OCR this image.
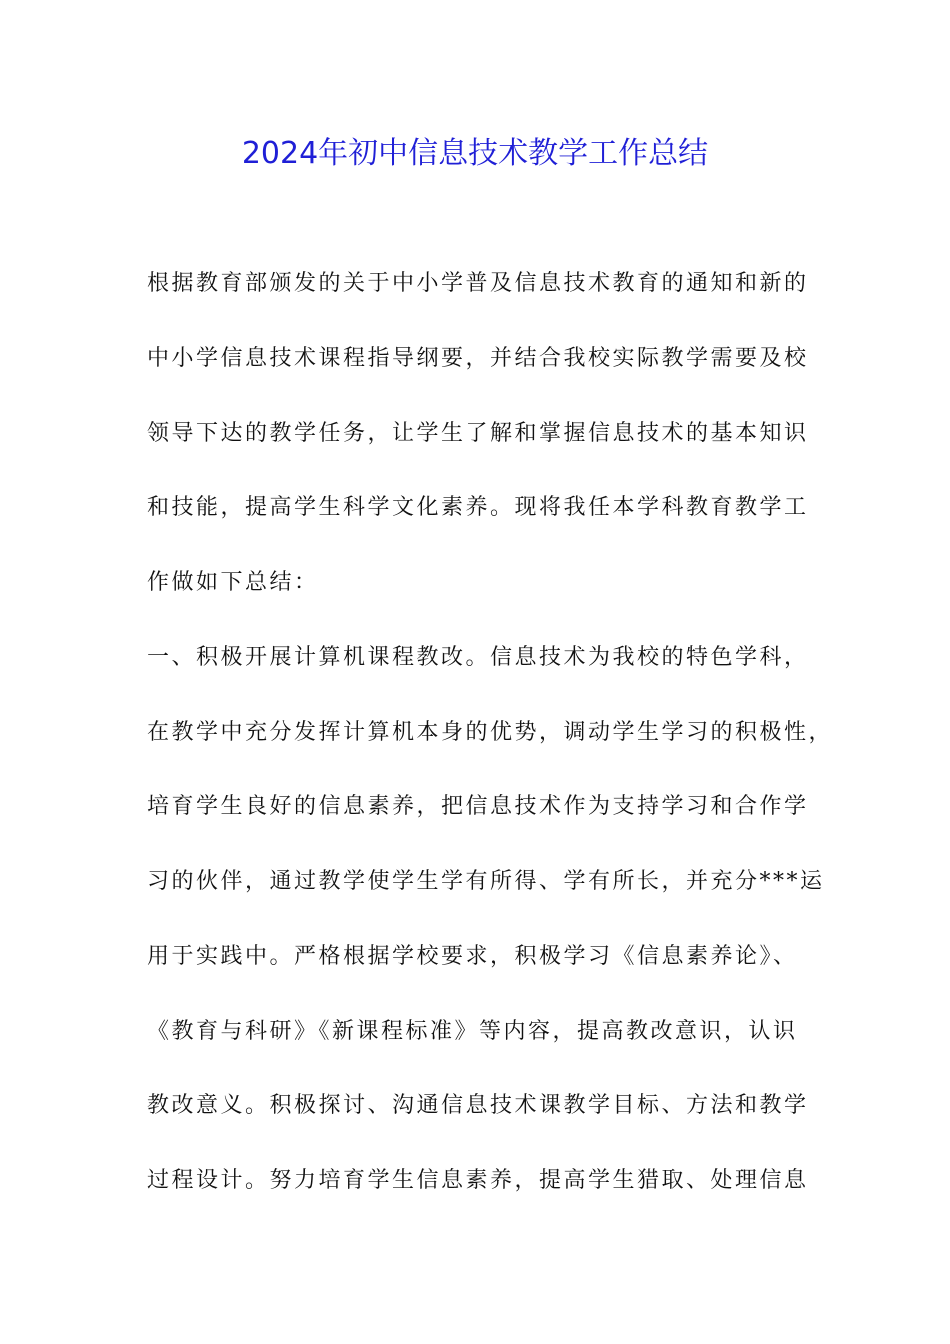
2024年初中信息技术教学工作总结
根据教育部颁发的关于中小学普及信息技术教育的通知和新的
中小学信息技术课程指导纲要，并结合我校实际教学需要及校
领导下达的教学任务，让学生了解和掌握信息技术的基本知识
和技能，提高学生科学文化素养。现将我任本学科教育教学工
作做如下总结：
一、积极开展计算机课程教改。信息技术为我校的特色学科，
在教学中充分发挥计算机本身的优势，调动学生学习的积极性，
培育学生良好的信息素养，把信息技术作为支持学习和合作学
习的伙伴，通过教学使学生学有所得、学有所长，并充分***运
用于实践中。严格根据学校要求，积极学习《信息素养论》、
《教育与科研》《新课程标准》等内容，提高教改意识，认识
教改意义。积极探讨、沟通信息技术课教学目标、方法和教学
过程设计。努力培育学生信息素养，提高学生猎取、处理信息
